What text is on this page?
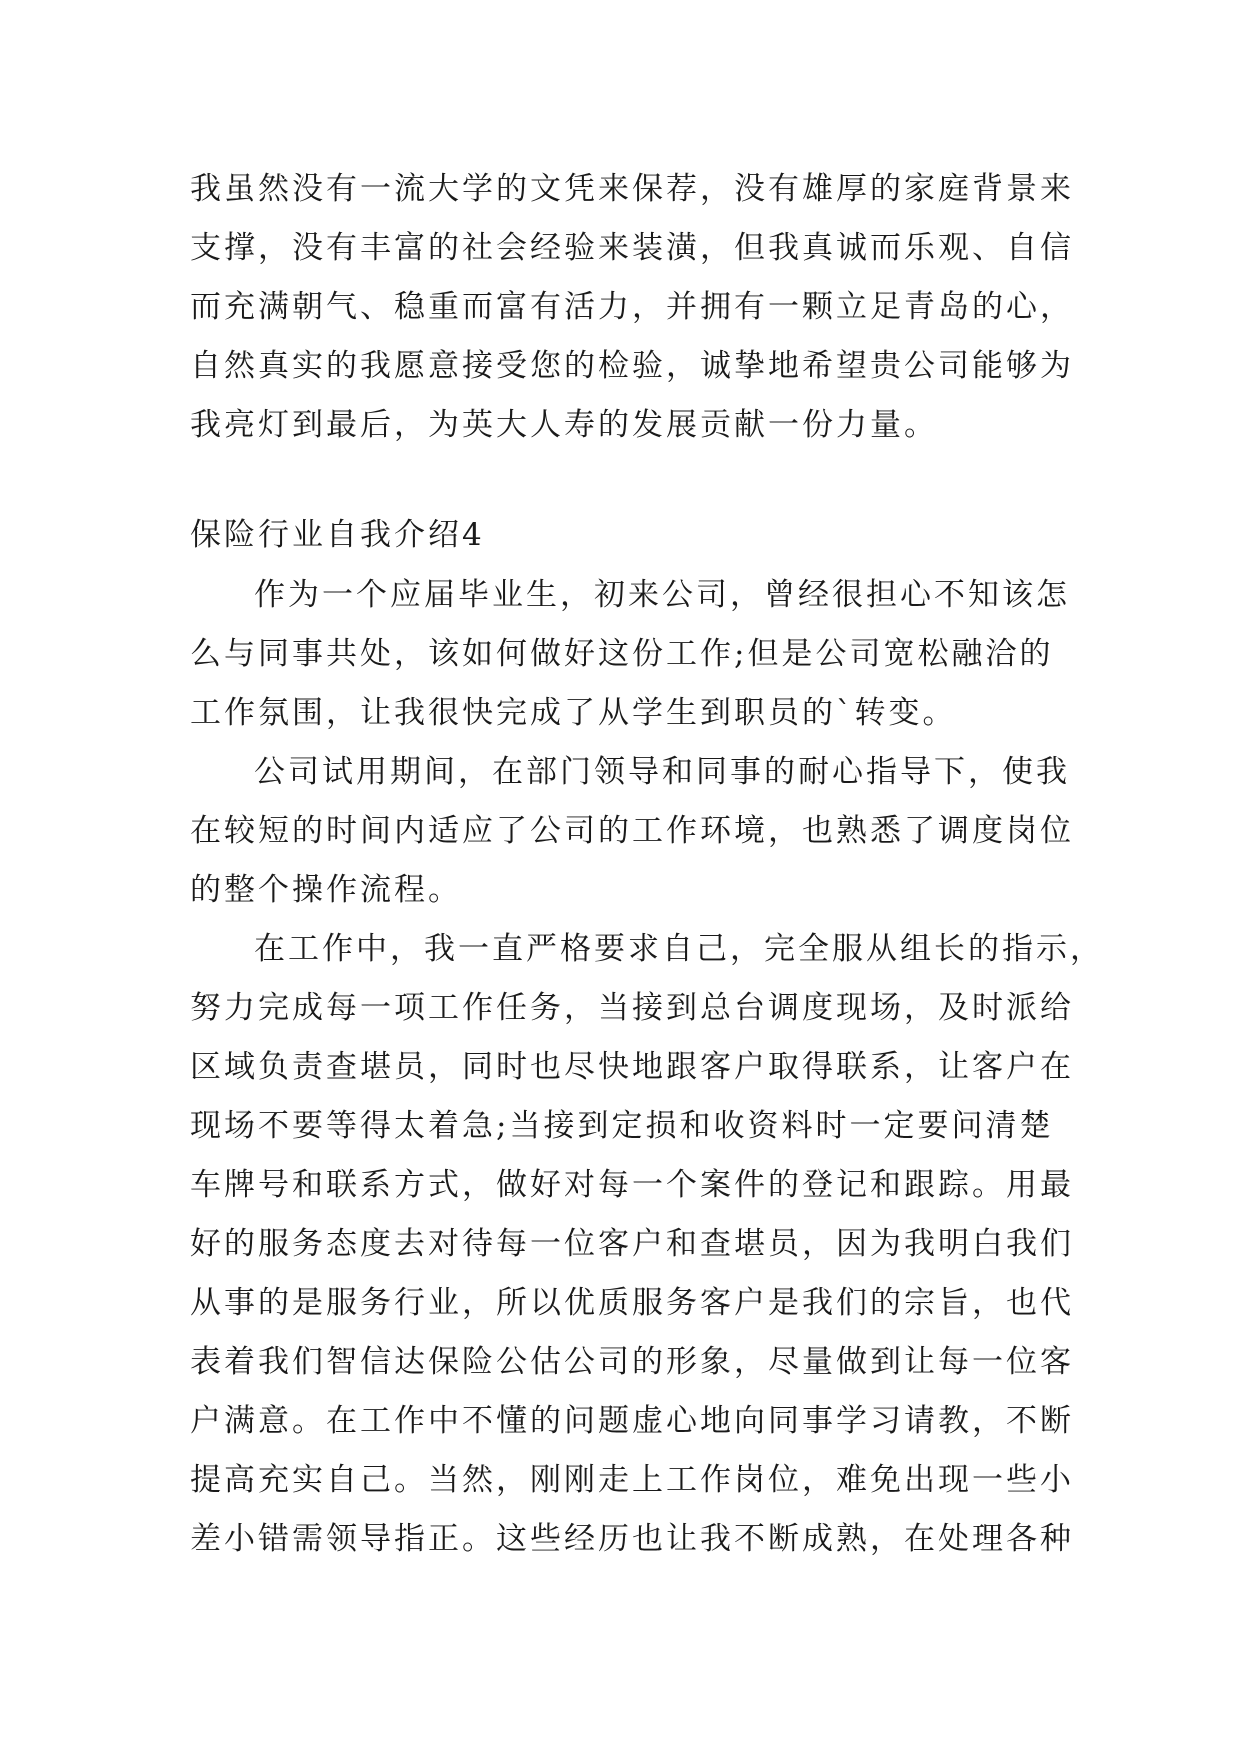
我虽然没有一流大学的文凭来保荐，没有雄厚的家庭背景来
支撑，没有丰富的社会经验来装潢，但我真诚而乐观、自信
而充满朝气、稳重而富有活力，并拥有一颗立足青岛的心，
自然真实的我愿意接受您的检验，诚挚地希望贵公司能够为
我亮灯到最后，为英大人寿的发展贡献一份力量。
保险行业自我介绍4
作为一个应届毕业生，初来公司，曾经很担心不知该怎
么与同事共处，该如何做好这份工作;但是公司宽松融洽的
工作氛围，让我很快完成了从学生到职员的`转变。
公司试用期间，在部门领导和同事的耐心指导下，使我
在较短的时间内适应了公司的工作环境，也熟悉了调度岗位
的整个操作流程。
在工作中，我一直严格要求自己，完全服从组长的指示，
努力完成每一项工作任务，当接到总台调度现场，及时派给
区域负责查堪员，同时也尽快地跟客户取得联系，让客户在
现场不要等得太着急;当接到定损和收资料时一定要问清楚
车牌号和联系方式，做好对每一个案件的登记和跟踪。用最
好的服务态度去对待每一位客户和查堪员，因为我明白我们
从事的是服务行业，所以优质服务客户是我们的宗旨，也代
表着我们智信达保险公估公司的形象，尽量做到让每一位客
户满意。在工作中不懂的问题虚心地向同事学习请教，不断
提高充实自己。当然，刚刚走上工作岗位，难免出现一些小
差小错需领导指正。这些经历也让我不断成熟，在处理各种
